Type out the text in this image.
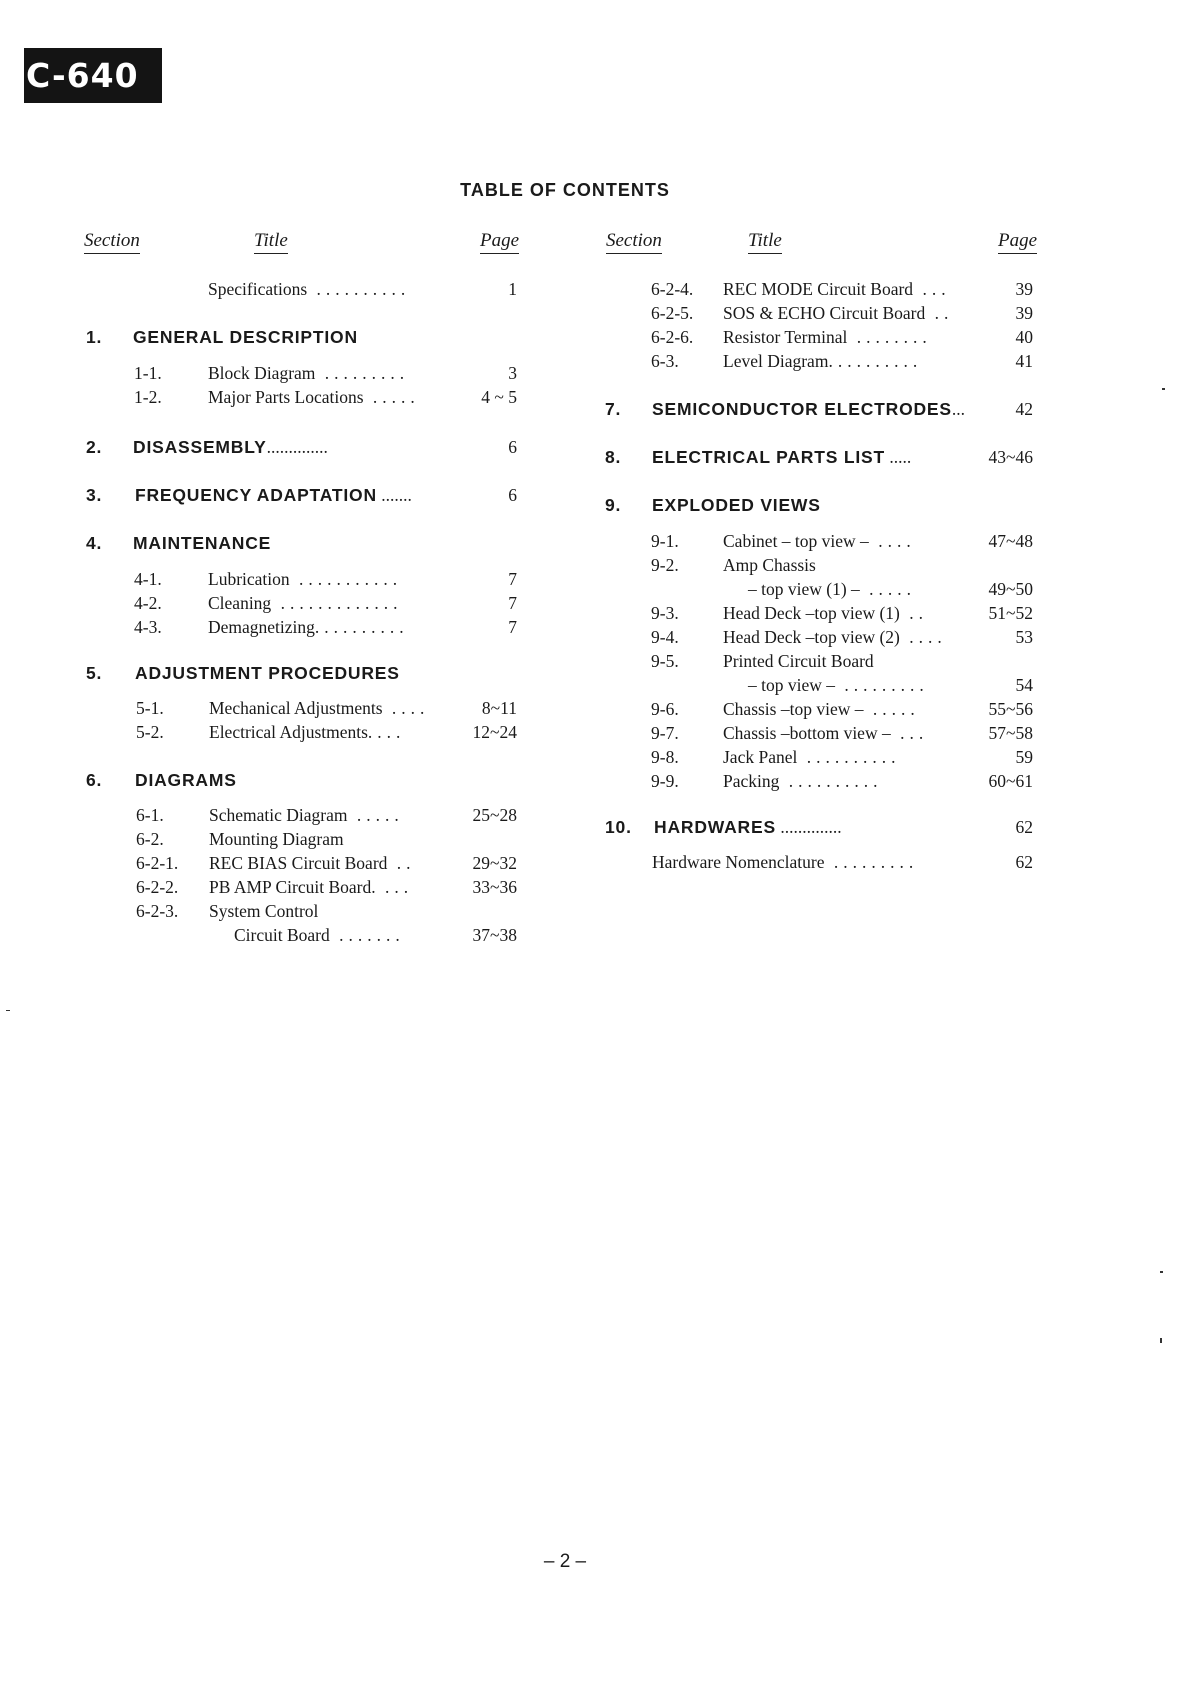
C-640
TABLE OF CONTENTS
Section	Title	Page
Specifications ..........	1
1. GENERAL DESCRIPTION
1-1.	Block Diagram .........	3
1-2.	Major Parts Locations .....	4 ~ 5
2. DISASSEMBLY..............	6
3. FREQUENCY ADAPTATION .......	6
4. MAINTENANCE
4-1.	Lubrication ...........	7
4-2.	Cleaning .............	7
4-3.	Demagnetizing..........	7
5. ADJUSTMENT PROCEDURES
5-1.	Mechanical Adjustments ....	8~11
5-2.	Electrical Adjustments....	12~24
6. DIAGRAMS
6-1.	Schematic Diagram .....	25~28
6-2.	Mounting Diagram
6-2-1. REC BIAS Circuit Board ..	29~32
6-2-2. PB AMP Circuit Board. ...	33~36
6-2-3. System Control
Circuit Board .......	37~38
Section	Title	Page
6-2-4. REC MODE Circuit Board ...	39
6-2-5. SOS & ECHO Circuit Board ..	39
6-2-6. Resistor Terminal ........	40
6-3.	Level Diagram..........	41
7. SEMICONDUCTOR ELECTRODES...	42
8. ELECTRICAL PARTS LIST .....	43~46
9. EXPLODED VIEWS
9-1.	Cabinet – top view – ....	47~48
9-2.	Amp Chassis
– top view (1) – .....	49~50
9-3.	Head Deck –top view (1) ..	51~52
9-4.	Head Deck –top view (2) ....	53
9-5.	Printed Circuit Board
– top view – .........	54
9-6.	Chassis –top view – .....	55~56
9-7.	Chassis –bottom view – ...	57~58
9-8.	Jack Panel ..........	59
9-9.	Packing ..........	60~61
10. HARDWARES ..............	62
Hardware Nomenclature .........	62
– 2 –
